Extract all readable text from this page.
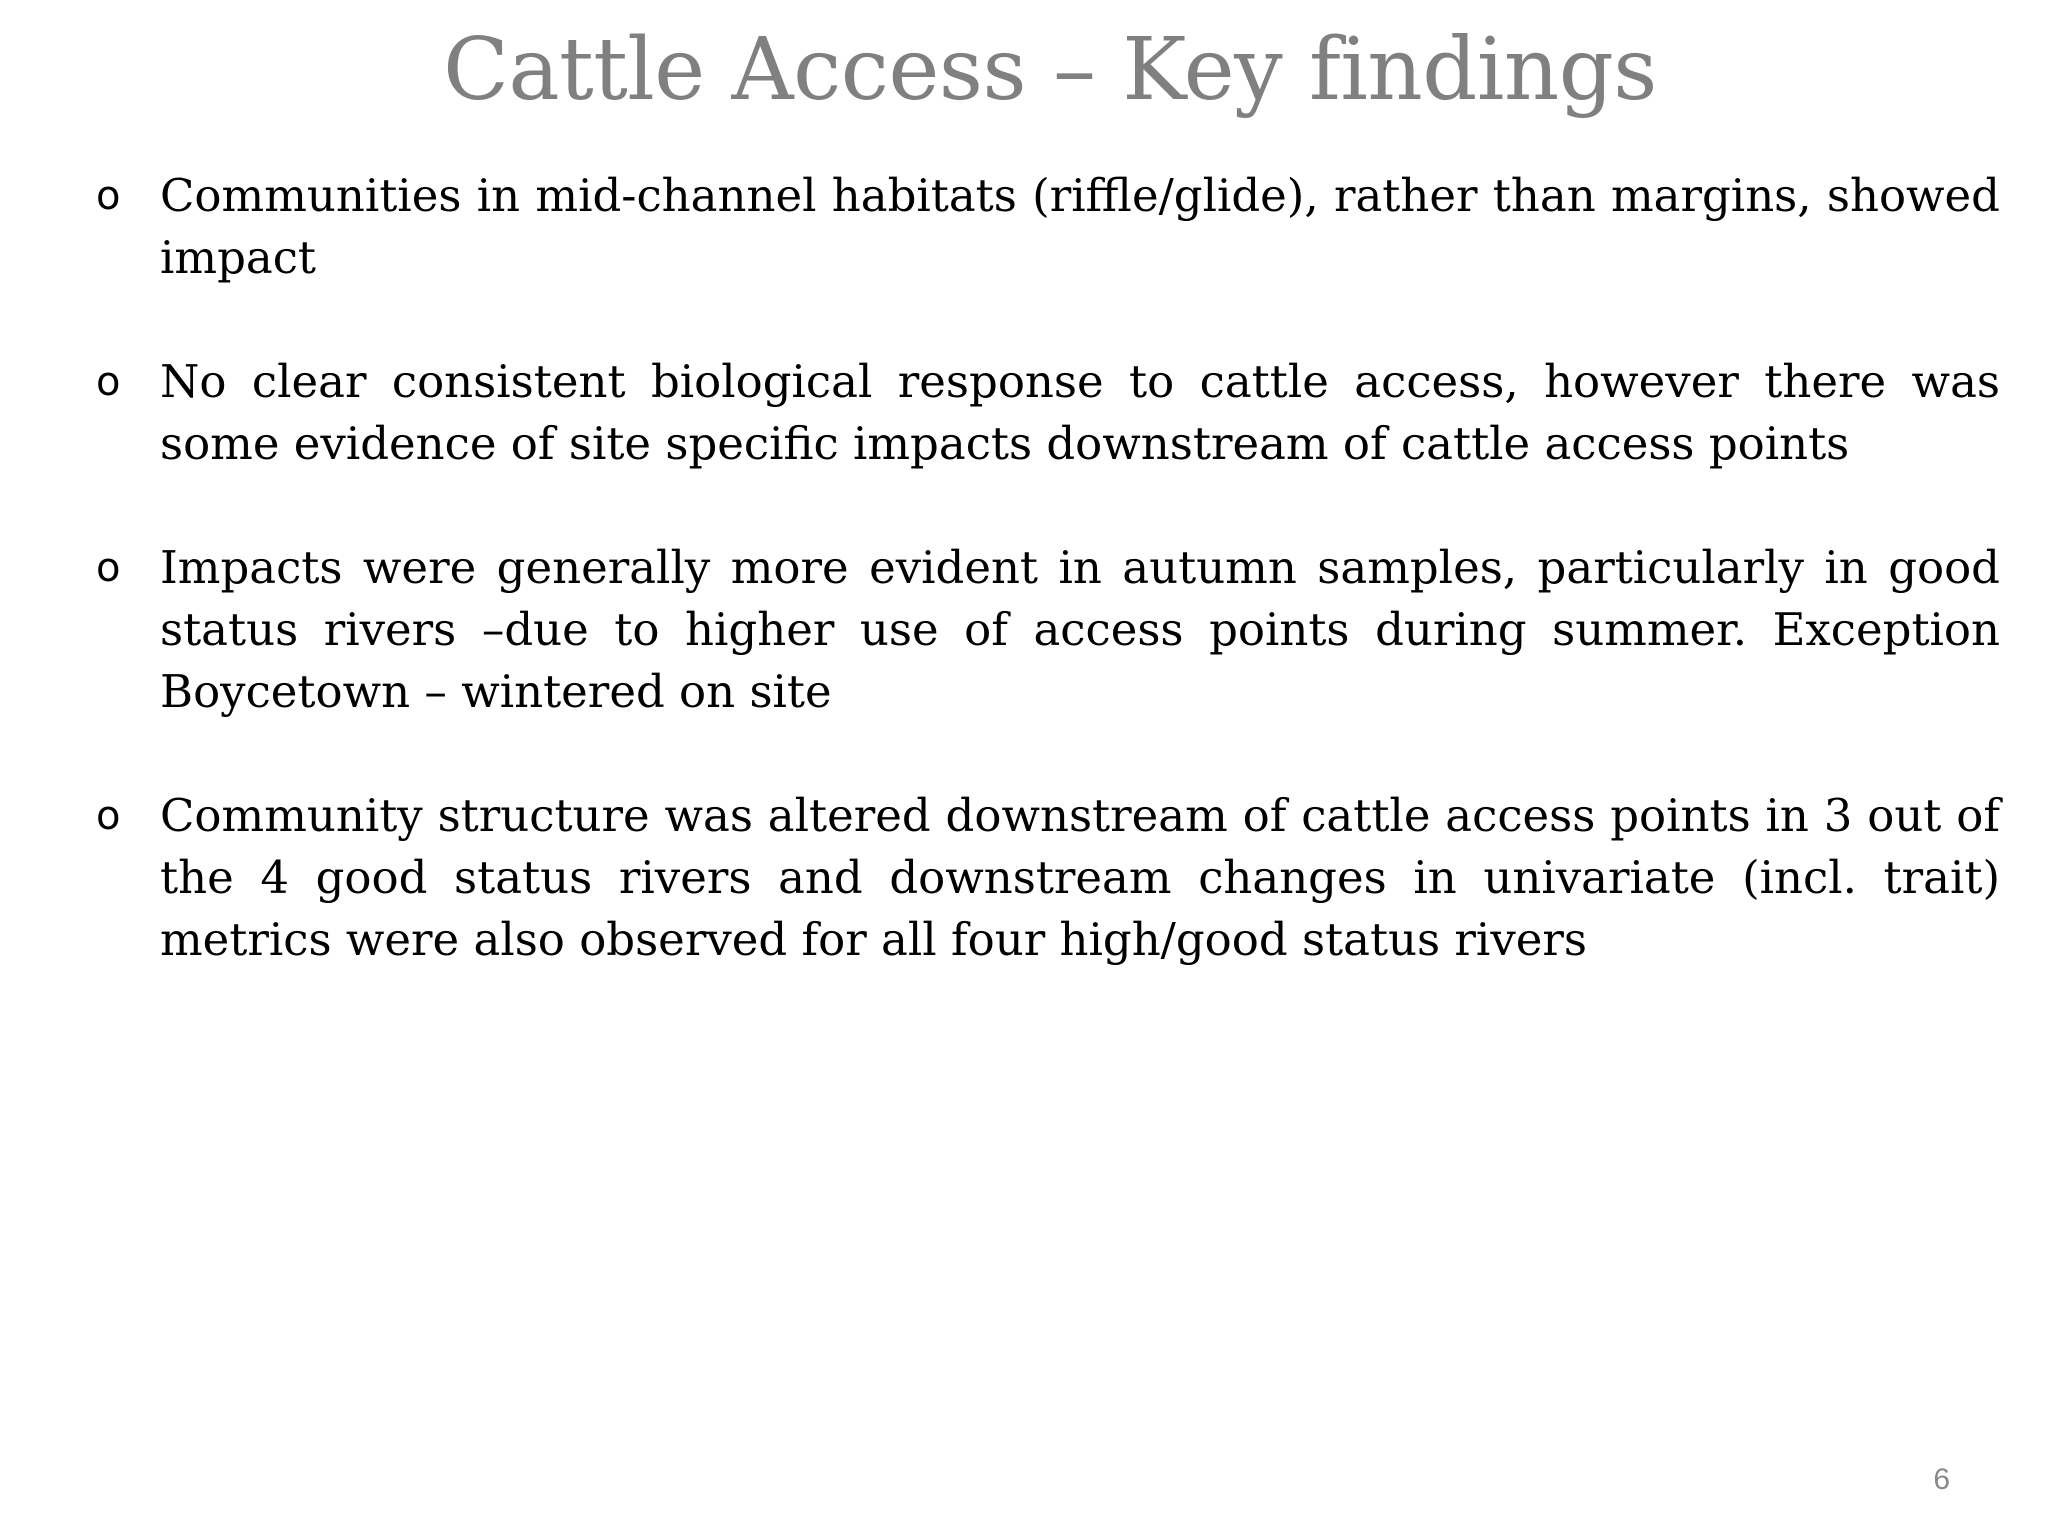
Cattle Access – Key findings
o Communities in mid-channel habitats (riffle/glide), rather than margins, showed impact
o No clear consistent biological response to cattle access, however there was some evidence of site specific impacts downstream of cattle access points
o Impacts were generally more evident in autumn samples, particularly in good status rivers –due to higher use of access points during summer. Exception Boycetown – wintered on site
o Community structure was altered downstream of cattle access points in 3 out of the 4 good status rivers and downstream changes in univariate (incl. trait) metrics were also observed for all four high/good status rivers
6
